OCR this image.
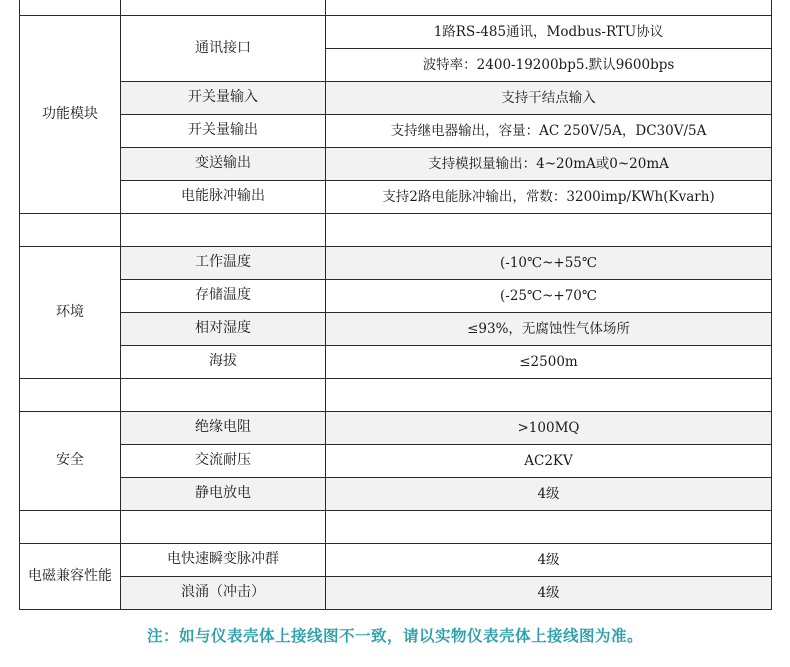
功能模块	通讯接口	1路RS-485通讯，Modbus-RTU协议
		波特率：2400-19200bp5.默认9600bps
	开关量输入	支持干结点输入
	开关量输出	支持继电器输出，容量：AC 250V/5A，DC30V/5A
	变送输出	支持模拟量输出：4~20mA或0~20mA
	电能脉冲输出	支持2路电能脉冲输出，常数：3200imp/KWh(Kvarh)

环境	工作温度	(-10℃~+55℃
	存储温度	(-25℃~+70℃
	相对湿度	≤93%，无腐蚀性气体场所
	海拔	≤2500m

安全	绝缘电阻	>100MQ
	交流耐压	AC2KV
	静电放电	4级

电磁兼容性能	电快速瞬变脉冲群	4级
	浪涌（冲击）	4级
注：如与仪表壳体上接线图不一致，请以实物仪表壳体上接线图为准。
